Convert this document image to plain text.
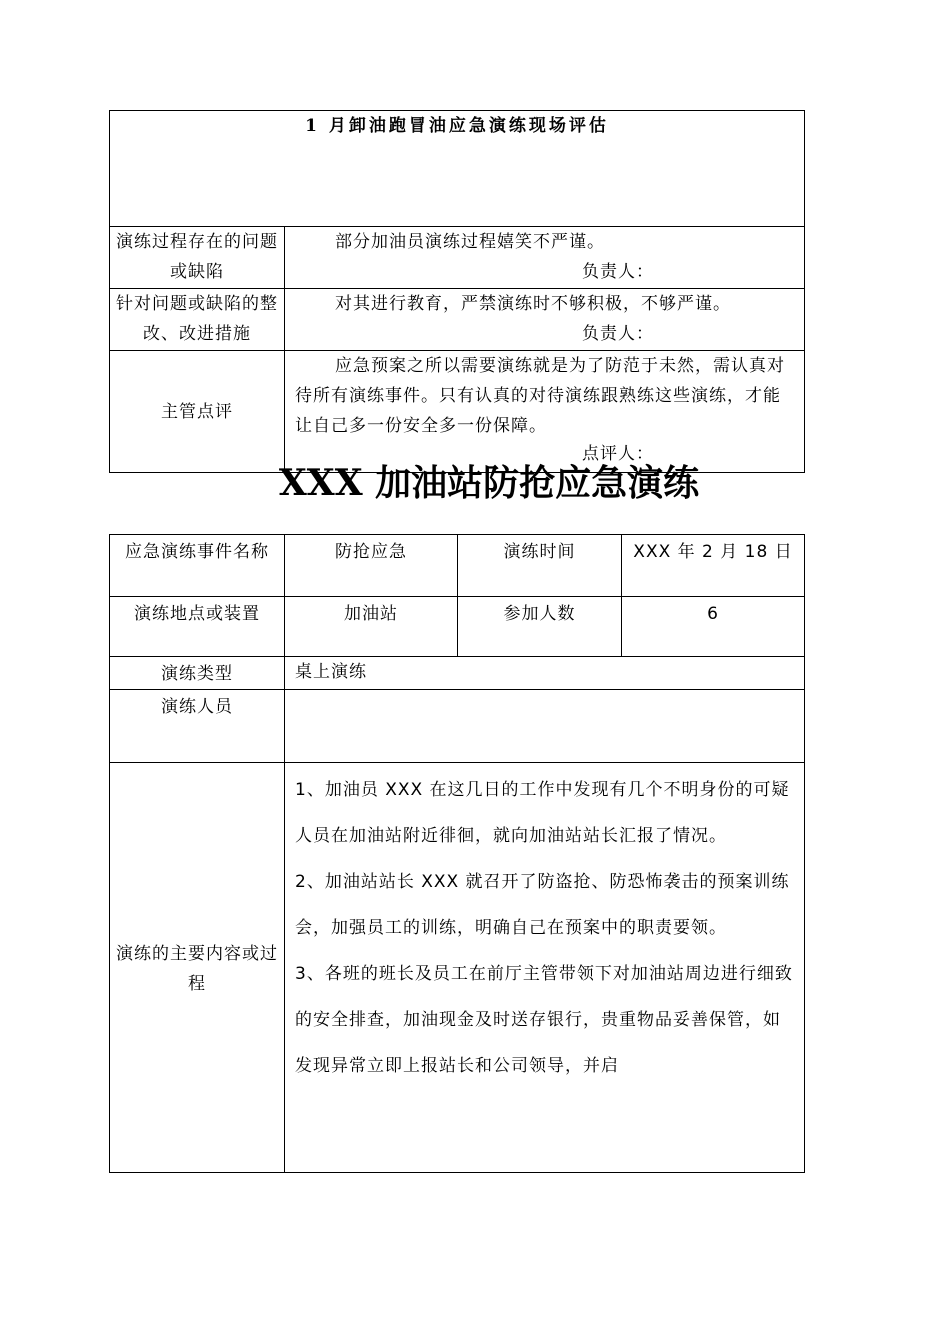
1 月卸油跑冒油应急演练现场评估	
演练过程存在的问题或缺陷	部分加油员演练过程嬉笑不严谨。
负责人：

针对问题或缺陷的整改、改进措施	对其进行教育，严禁演练时不够积极，不够严谨。
负责人：

主管点评	应急预案之所以需要演练就是为了防范于未然，需认真对待所有演练事件。只有认真的对待演练跟熟练这些演练，才能让自己多一份安全多一份保障。
点评人：
XXX 加油站防抢应急演练
应急演练事件名称	防抢应急	演练时间	XXX 年 2 月 18 日
演练地点或装置	加油站	参加人数	6
演练类型	桌上演练		
演练人员			
演练的主要内容或过程	1、加油员 XXX 在这几日的工作中发现有几个不明身份的可疑人员在加油站附近徘徊，就向加油站站长汇报了情况。

2、加油站站长 XXX 就召开了防盗抢、防恐怖袭击的预案训练会，加强员工的训练，明确自己在预案中的职责要领。

3、各班的班长及员工在前厅主管带领下对加油站周边进行细致的安全排查，加油现金及时送存银行，贵重物品妥善保管，如发现异常立即上报站长和公司领导，并启		
